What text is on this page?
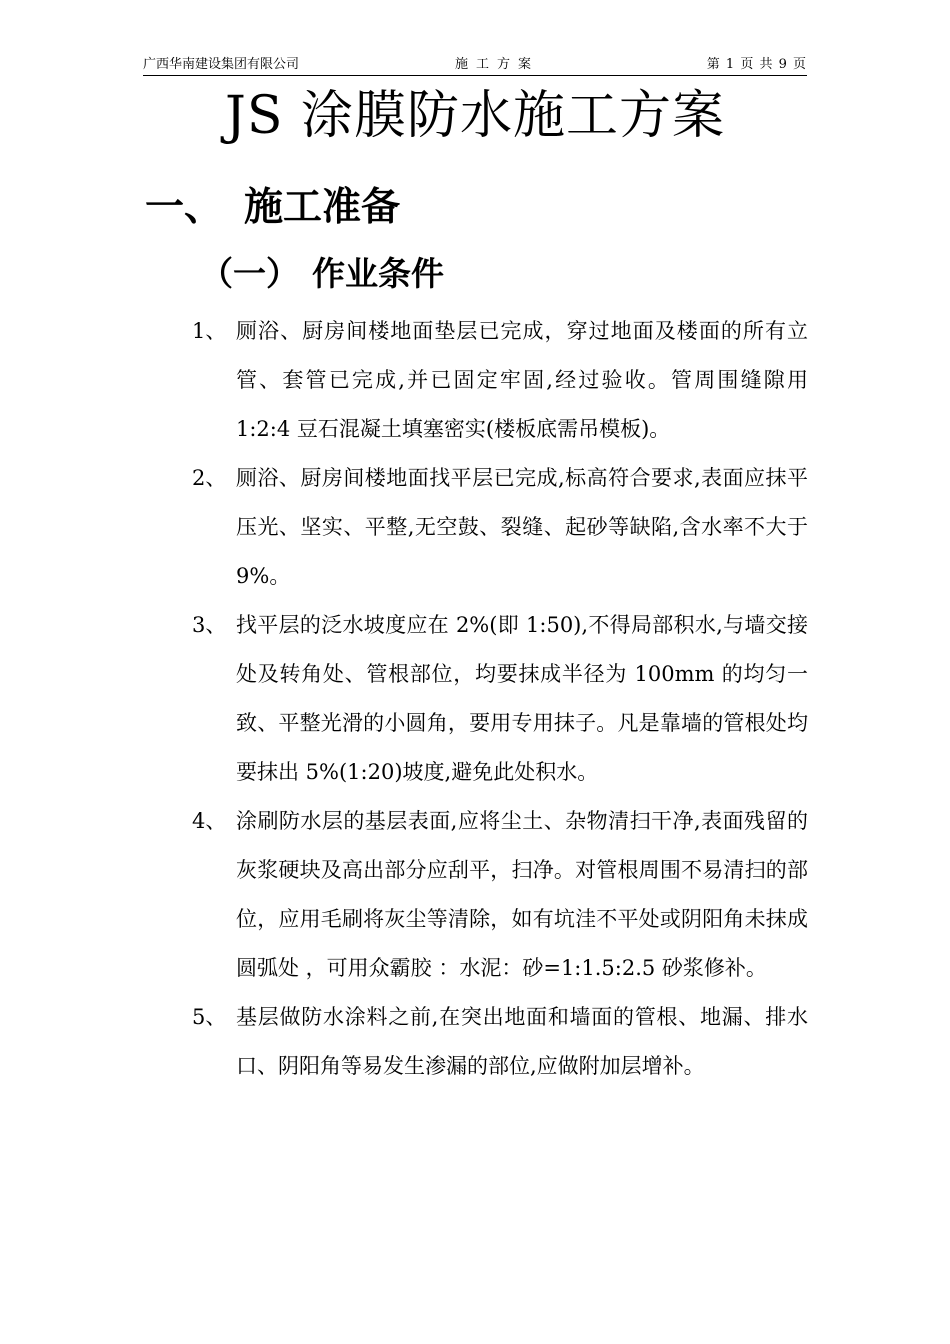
广西华南建设集团有限公司	施工方案	第 1 页 共 9 页
JS 涂膜防水施工方案
一、 施工准备
（一） 作业条件
1、 厕浴、厨房间楼地面垫层已完成，穿过地面及楼面的所有立管、套管已完成,并已固定牢固,经过验收。管周围缝隙用 1:2:4 豆石混凝土填塞密实(楼板底需吊模板)。

2、 厕浴、厨房间楼地面找平层已完成,标高符合要求,表面应抹平压光、坚实、平整,无空鼓、裂缝、起砂等缺陷,含水率不大于 9%。

3、 找平层的泛水坡度应在 2%(即 1:50),不得局部积水,与墙交接处及转角处、管根部位，均要抹成半径为 100mm 的均匀一致、平整光滑的小圆角，要用专用抹子。凡是靠墙的管根处均要抹出 5%(1:20)坡度,避免此处积水。

4、 涂刷防水层的基层表面,应将尘土、杂物清扫干净,表面残留的灰浆硬块及高出部分应刮平，扫净。对管根周围不易清扫的部位，应用毛刷将灰尘等清除，如有坑洼不平处或阴阳角未抹成圆弧处 ，可用众霸胶 ：水泥：砂=1:1.5:2.5 砂浆修补。

5、 基层做防水涂料之前,在突出地面和墙面的管根、地漏、排水口、阴阳角等易发生渗漏的部位,应做附加层增补。
